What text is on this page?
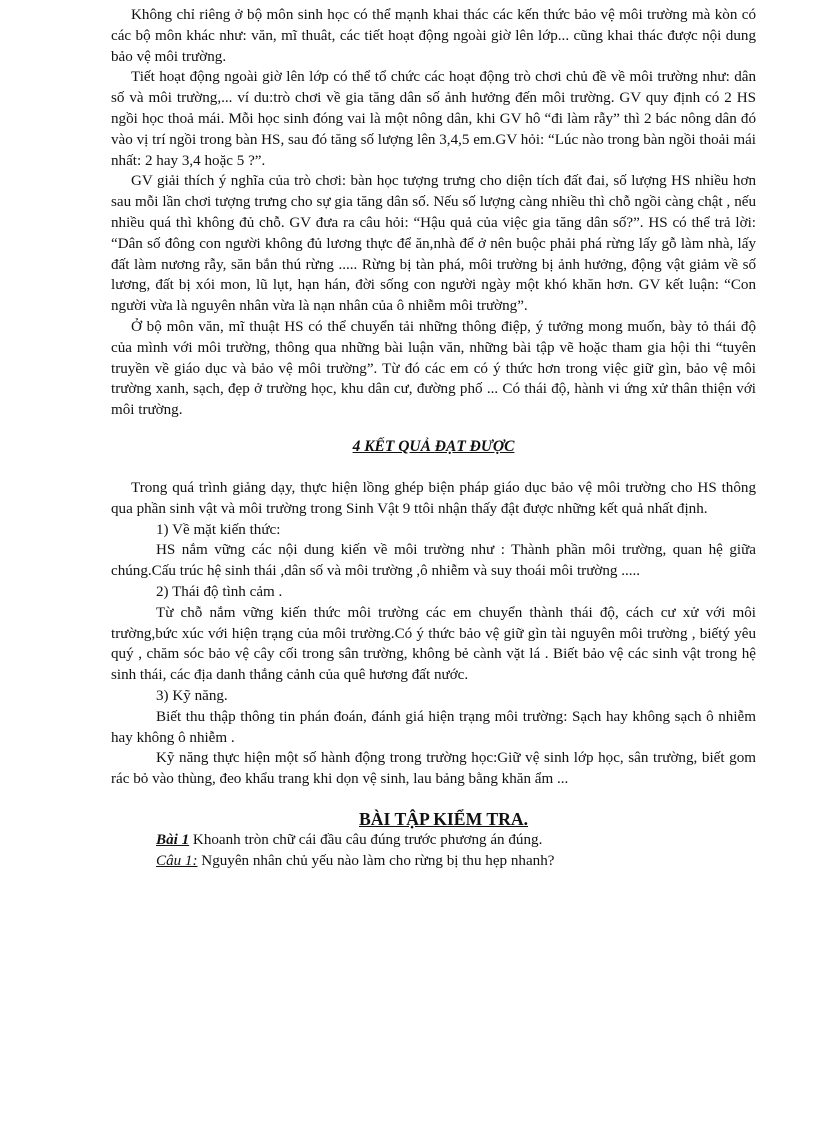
Không chỉ riêng ở bộ môn sinh học có thể mạnh khai thác các kến thức bảo vệ môi trường mà kòn có các bộ môn khác như: văn, mĩ thuât, các tiết hoạt động ngoài giờ lên lớp... cũng khai thác được nội dung bảo vệ môi trường.

Tiết hoạt động ngoài giờ lên lớp có thể tổ chức các hoạt động trò chơi chủ đề về môi trường như: dân số và môi trường,... ví du:trò chơi về gia tăng dân số ảnh hưởng đến môi trường. GV quy định có 2 HS ngồi học thoả mái. Mỗi học sinh đóng vai là một nông dân, khi GV hô “đi làm rẫy” thì 2 bác nông dân đó vào vị trí ngồi trong bàn HS, sau đó tăng số lượng lên 3,4,5 em.GV hỏi: “Lúc nào trong bàn ngồi thoải mái nhất: 2 hay 3,4 hoặc 5 ?”.

GV giải thích ý nghĩa của trò chơi: bàn học tượng trưng cho diện tích đất đai, số lượng HS nhiều hơn sau mỗi lần chơi tượng trưng cho sự gia tăng dân số. Nếu số lượng càng nhiều thì chỗ ngồi càng chật , nếu nhiều quá thì không đủ chỗ. GV đưa ra câu hỏi: “Hậu quả của việc gia tăng dân số?”. HS có thể trả lời: “Dân số đông con người không đủ lương thực để ăn,nhà để ở nên buộc phải phá rừng lấy gỗ làm nhà, lấy đất làm nương rẫy, săn bắn thú rừng ..... Rừng bị tàn phá, môi trường bị ảnh hưởng, động vật giảm về số lương, đất bị xói mon, lũ lụt, hạn hán, đời sống con người ngày một khó khăn hơn. GV kết luận: “Con người vừa là nguyên nhân vừa là nạn nhân của ô nhiễm môi trường”.

Ở bộ môn văn, mĩ thuật HS có thể chuyển tải những thông điệp, ý tưởng mong muốn, bày tỏ thái độ của mình với môi trường, thông qua những bài luận văn, những bài tập vẽ hoặc tham gia hội thi “tuyên truyền về giáo dục và bảo vệ môi trường”. Từ đó các em có ý thức hơn trong việc giữ gìn, bảo vệ môi trường xanh, sạch, đẹp ở trường học, khu dân cư, đường phố ... Có thái độ, hành vi ứng xử thân thiện với môi trường.

4 KẾT QUẢ ĐẠT ĐƯỢC

Trong quá trình giảng dạy, thực hiện lồng ghép biện pháp giáo dục bảo vệ môi trường cho HS thông qua phần sinh vật và môi trường trong Sinh Vật 9 ttôi nhận thấy đật được những kết quả nhất định.

1) Về mặt kiến thức:

HS nắm vững các nội dung kiến về môi trường như : Thành phần môi trường, quan hệ giữa chúng.Cấu trúc hệ sinh thái ,dân số và môi trường ,ô nhiễm và suy thoái môi trường .....

2) Thái độ tình cảm .

Từ chỗ nắm vững kiến thức môi trường các em chuyển thành thái độ, cách cư xử với môi trường,bức xúc với hiện trạng của môi trường.Có ý thức bảo vệ giữ gìn tài nguyên môi trường , biếtý yêu quý , chăm sóc bảo vệ cây cối trong sân trường, không bẻ cành vặt lá . Biết bảo vệ các sinh vật trong hệ sinh thái, các địa danh thắng cảnh của quê hương đất nước.

3) Kỹ năng.

Biết thu thập thông tin phán đoán, đánh giá hiện trạng môi trường: Sạch hay không sạch ô nhiễm hay không ô nhiễm .

Kỹ năng thực hiện một số hành động trong trường học:Giữ vệ sinh lớp học, sân trường, biết gom rác bỏ vào thùng, đeo khẩu trang khi dọn vệ sinh, lau bảng bằng khăn ẩm ...

BÀI TẬP KIỂM TRA.

Bài 1 Khoanh tròn chữ cái đầu câu đúng trước phương án đúng.

Câu 1: Nguyên nhân chủ yếu nào làm cho rừng bị thu hẹp nhanh?
